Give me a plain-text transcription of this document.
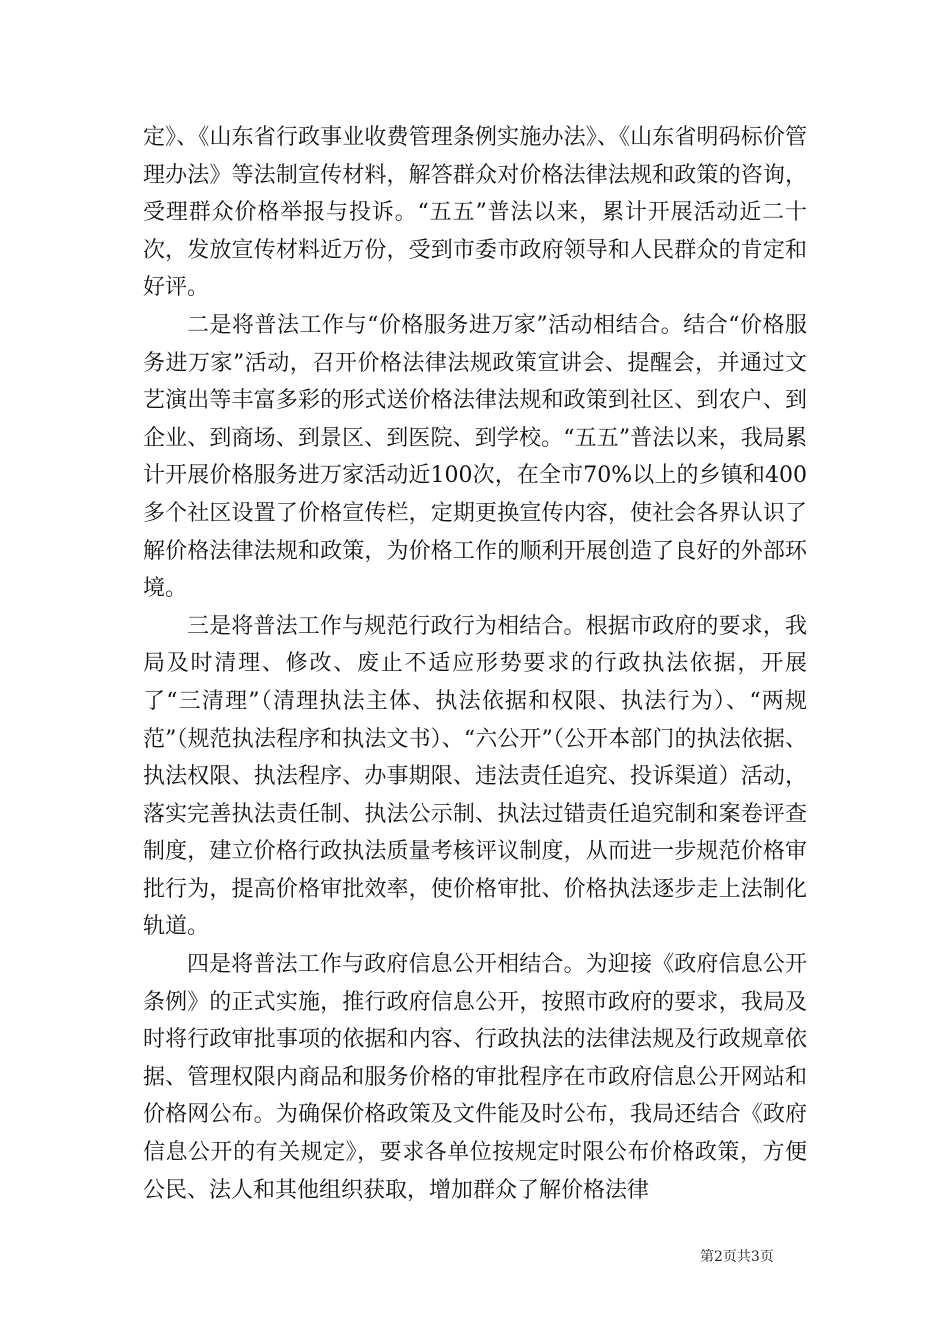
定》、《山东省行政事业收费管理条例实施办法》、《山东省明码标价管理办法》等法制宣传材料，解答群众对价格法律法规和政策的咨询，受理群众价格举报与投诉。“五五”普法以来，累计开展活动近二十次，发放宣传材料近万份，受到市委市政府领导和人民群众的肯定和好评。

二是将普法工作与“价格服务进万家”活动相结合。结合“价格服务进万家”活动，召开价格法律法规政策宣讲会、提醒会，并通过文艺演出等丰富多彩的形式送价格法律法规和政策到社区、到农户、到企业、到商场、到景区、到医院、到学校。“五五”普法以来，我局累计开展价格服务进万家活动近100次，在全市70%以上的乡镇和400多个社区设置了价格宣传栏，定期更换宣传内容，使社会各界认识了解价格法律法规和政策，为价格工作的顺利开展创造了良好的外部环境。

三是将普法工作与规范行政行为相结合。根据市政府的要求，我局及时清理、修改、废止不适应形势要求的行政执法依据，开展了“三清理”（清理执法主体、执法依据和权限、执法行为）、“两规范”（规范执法程序和执法文书）、“六公开”（公开本部门的执法依据、执法权限、执法程序、办事期限、违法责任追究、投诉渠道）活动，落实完善执法责任制、执法公示制、执法过错责任追究制和案卷评查制度，建立价格行政执法质量考核评议制度，从而进一步规范价格审批行为，提高价格审批效率，使价格审批、价格执法逐步走上法制化轨道。

四是将普法工作与政府信息公开相结合。为迎接《政府信息公开条例》的正式实施，推行政府信息公开，按照市政府的要求，我局及时将行政审批事项的依据和内容、行政执法的法律法规及行政规章依据、管理权限内商品和服务价格的审批程序在市政府信息公开网站和价格网公布。为确保价格政策及文件能及时公布，我局还结合《政府信息公开的有关规定》，要求各单位按规定时限公布价格政策，方便公民、法人和其他组织获取，增加群众了解价格法律

第2页共3页
